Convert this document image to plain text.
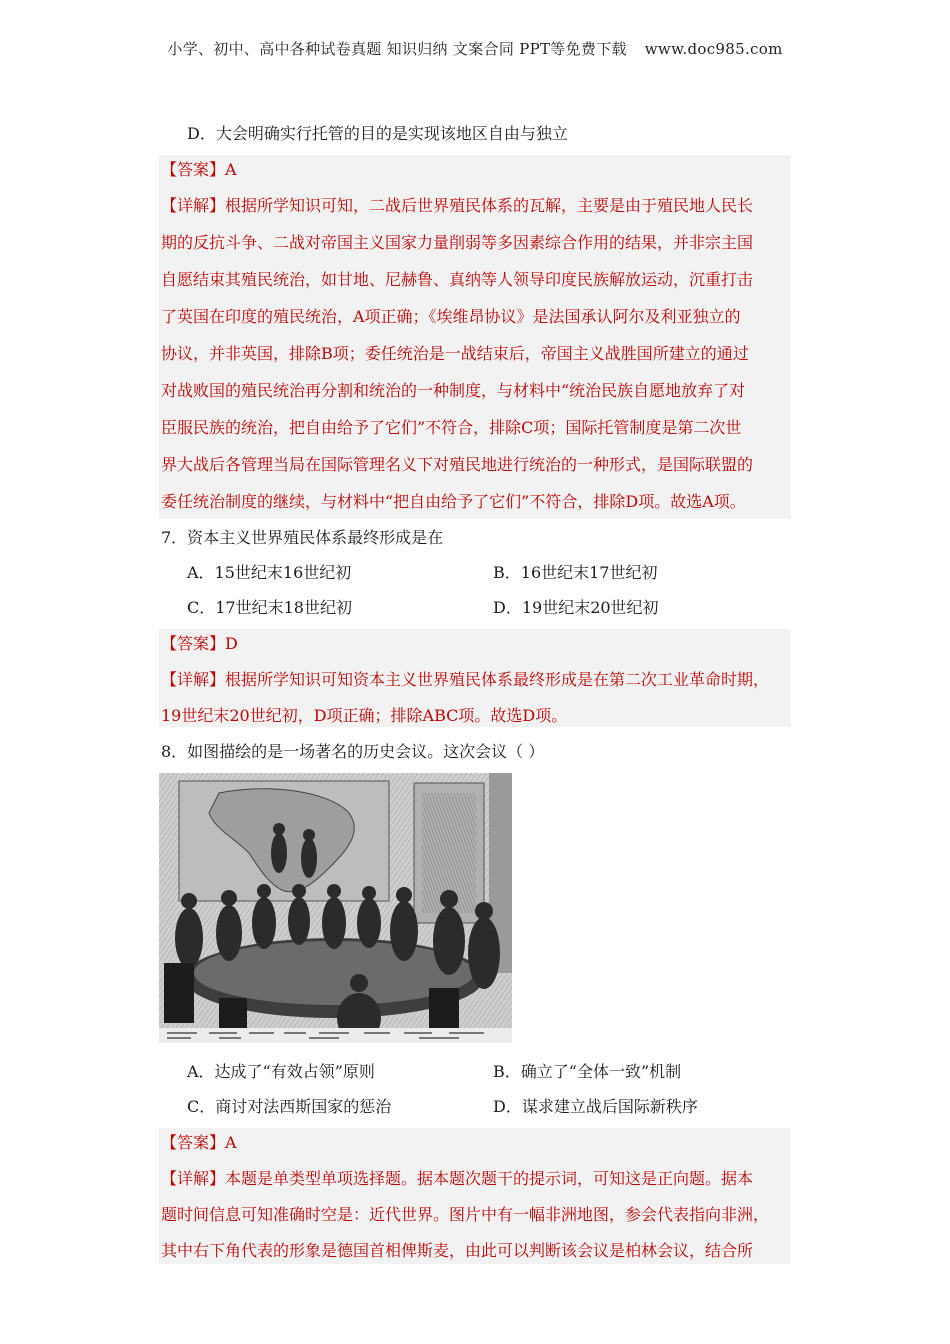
小学、初中、高中各种试卷真题 知识归纳 文案合同 PPT等免费下载 www.doc985.com
D．大会明确实行托管的目的是实现该地区自由与独立
【答案】A
【详解】根据所学知识可知，二战后世界殖民体系的瓦解，主要是由于殖民地人民长
期的反抗斗争、二战对帝国主义国家力量削弱等多因素综合作用的结果，并非宗主国
自愿结束其殖民统治，如甘地、尼赫鲁、真纳等人领导印度民族解放运动，沉重打击
了英国在印度的殖民统治，A项正确；《埃维昂协议》是法国承认阿尔及利亚独立的
协议，并非英国，排除B项；委任统治是一战结束后，帝国主义战胜国所建立的通过
对战败国的殖民统治再分割和统治的一种制度，与材料中“统治民族自愿地放弃了对
臣服民族的统治，把自由给予了它们”不符合，排除C项；国际托管制度是第二次世
界大战后各管理当局在国际管理名义下对殖民地进行统治的一种形式，是国际联盟的
委任统治制度的继续，与材料中“把自由给予了它们”不符合，排除D项。故选A项。
7．资本主义世界殖民体系最终形成是在
A．15世纪末16世纪初	B．16世纪末17世纪初
C．17世纪末18世纪初	D．19世纪末20世纪初
【答案】D
【详解】根据所学知识可知资本主义世界殖民体系最终形成是在第二次工业革命时期，
19世纪末20世纪初，D项正确；排除ABC项。故选D项。
8．如图描绘的是一场著名的历史会议。这次会议（ ）
A．达成了“有效占领”原则	B．确立了“全体一致”机制
C．商讨对法西斯国家的惩治	D．谋求建立战后国际新秩序
【答案】A
【详解】本题是单类型单项选择题。据本题次题干的提示词，可知这是正向题。据本
题时间信息可知准确时空是：近代世界。图片中有一幅非洲地图，参会代表指向非洲，
其中右下角代表的形象是德国首相俾斯麦，由此可以判断该会议是柏林会议，结合所
